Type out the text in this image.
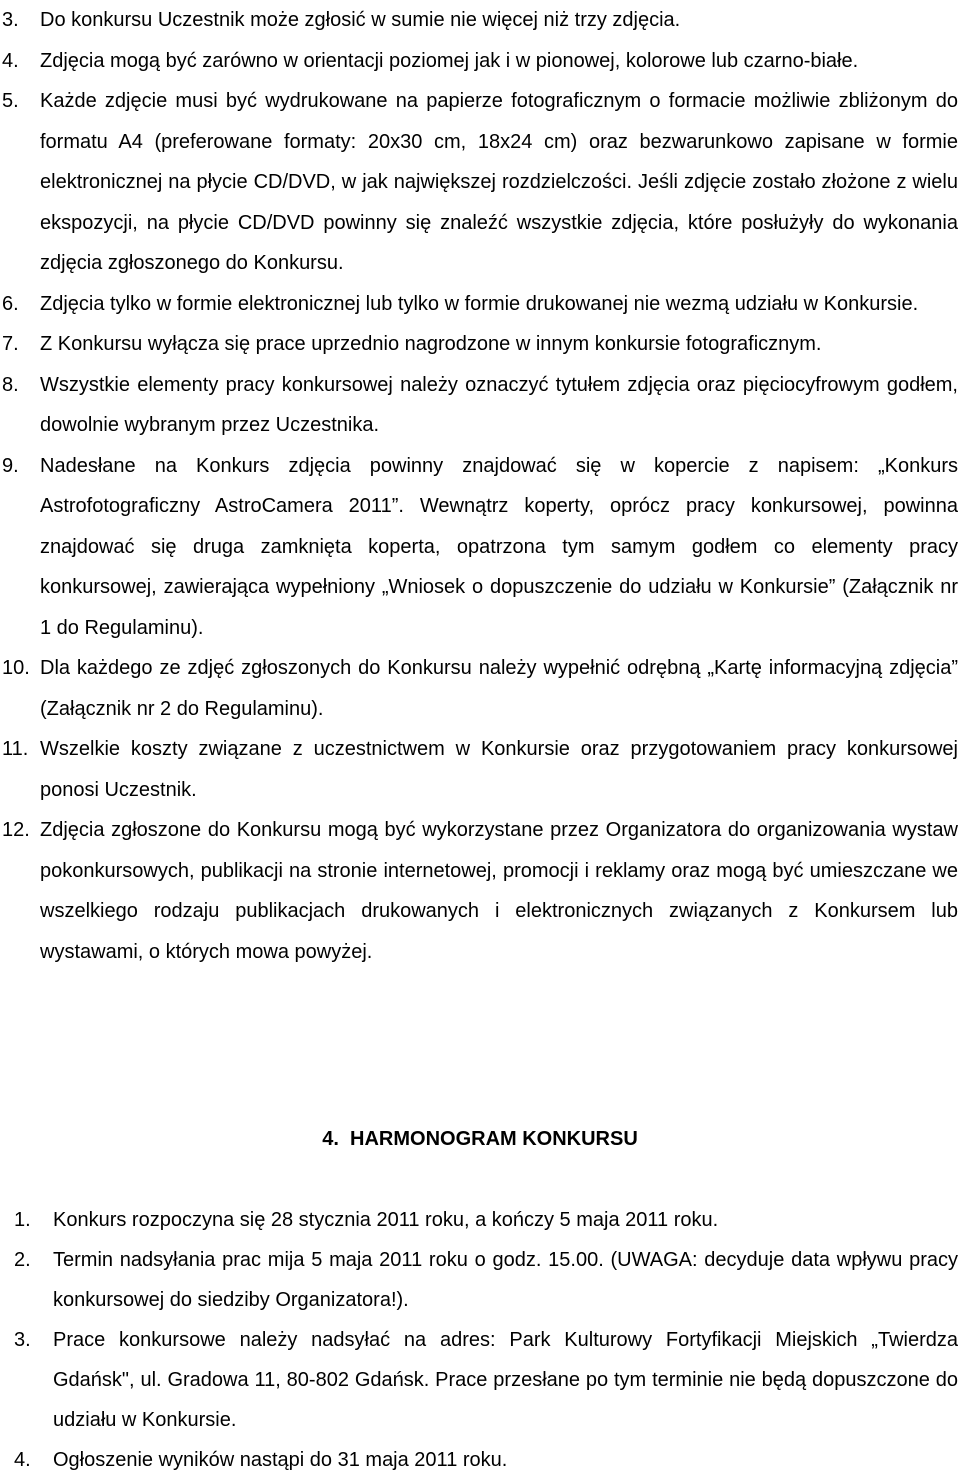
3. Do konkursu Uczestnik może zgłosić w sumie nie więcej niż trzy zdjęcia.
4. Zdjęcia mogą być zarówno w orientacji poziomej jak i w pionowej, kolorowe lub czarno-białe.
5. Każde zdjęcie musi być wydrukowane na papierze fotograficznym o formacie możliwie zbliżonym do formatu A4 (preferowane formaty: 20x30 cm, 18x24 cm) oraz bezwarunkowo zapisane w formie elektronicznej na płycie CD/DVD, w jak największej rozdzielczości. Jeśli zdjęcie zostało złożone z wielu ekspozycji, na płycie CD/DVD powinny się znaleźć wszystkie zdjęcia, które posłużyły do wykonania zdjęcia zgłoszonego do Konkursu.
6. Zdjęcia tylko w formie elektronicznej lub tylko w formie drukowanej nie wezmą udziału w Konkursie.
7. Z Konkursu wyłącza się prace uprzednio nagrodzone w innym konkursie fotograficznym.
8. Wszystkie elementy pracy konkursowej należy oznaczyć tytułem zdjęcia oraz pięciocyfrowym godłem, dowolnie wybranym przez Uczestnika.
9. Nadesłane na Konkurs zdjęcia powinny znajdować się w kopercie z napisem: „Konkurs Astrofotograficzny AstroCamera 2011”. Wewnątrz koperty, oprócz pracy konkursowej, powinna znajdować się druga zamknięta koperta, opatrzona tym samym godłem co elementy pracy konkursowej, zawierająca wypełniony „Wniosek o dopuszczenie do udziału w Konkursie” (Załącznik nr 1 do Regulaminu).
10. Dla każdego ze zdjęć zgłoszonych do Konkursu należy wypełnić odrębną „Kartę informacyjną zdjęcia” (Załącznik nr 2 do Regulaminu).
11. Wszelkie koszty związane z uczestnictwem w Konkursie oraz przygotowaniem pracy konkursowej ponosi Uczestnik.
12. Zdjęcia zgłoszone do Konkursu mogą być wykorzystane przez Organizatora do organizowania wystaw pokonkursowych, publikacji na stronie internetowej, promocji i reklamy oraz mogą być umieszczane we wszelkiego rodzaju publikacjach drukowanych i elektronicznych związanych z Konkursem lub wystawami, o których mowa powyżej.
4. HARMONOGRAM KONKURSU
1. Konkurs rozpoczyna się 28 stycznia 2011 roku, a kończy 5 maja 2011 roku.
2. Termin nadsyłania prac mija 5 maja 2011 roku o godz. 15.00. (UWAGA: decyduje data wpływu pracy konkursowej do siedziby Organizatora!).
3. Prace konkursowe należy nadsyłać na adres: Park Kulturowy Fortyfikacji Miejskich „Twierdza Gdańsk", ul. Gradowa 11, 80-802 Gdańsk. Prace przesłane po tym terminie nie będą dopuszczone do udziału w Konkursie.
4. Ogłoszenie wyników nastąpi do 31 maja 2011 roku.
